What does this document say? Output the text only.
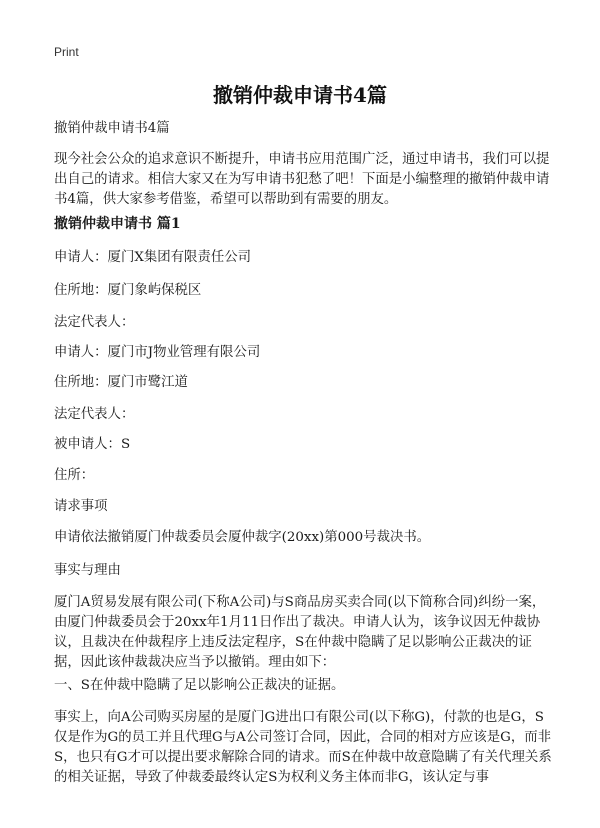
Print
撤销仲裁申请书4篇

撤销仲裁申请书4篇

现今社会公众的追求意识不断提升，申请书应用范围广泛，通过申请书，我们可以提出自己的请求。相信大家又在为写申请书犯愁了吧！下面是小编整理的撤销仲裁申请书4篇，供大家参考借鉴，希望可以帮助到有需要的朋友。

撤销仲裁申请书 篇1

申请人：厦门X集团有限责任公司

住所地：厦门象屿保税区

法定代表人：

申请人：厦门市J物业管理有限公司

住所地：厦门市鹭江道

法定代表人：

被申请人：S

住所：

请求事项

申请依法撤销厦门仲裁委员会厦仲裁字(20xx)第000号裁决书。

事实与理由

厦门A贸易发展有限公司(下称A公司)与S商品房买卖合同(以下简称合同)纠纷一案，由厦门仲裁委员会于20xx年1月11日作出了裁决。申请人认为，该争议因无仲裁协议，且裁决在仲裁程序上违反法定程序，S在仲裁中隐瞒了足以影响公正裁决的证据，因此该仲裁裁决应当予以撤销。理由如下：

一、S在仲裁中隐瞒了足以影响公正裁决的证据。

事实上，向A公司购买房屋的是厦门G进出口有限公司(以下称G)，付款的也是G，S仅是作为G的员工并且代理G与A公司签订合同，因此，合同的相对方应该是G，而非S，也只有G才可以提出要求解除合同的请求。而S在仲裁中故意隐瞒了有关代理关系的相关证据，导致了仲裁委最终认定S为权利义务主体而非G，该认定与事
